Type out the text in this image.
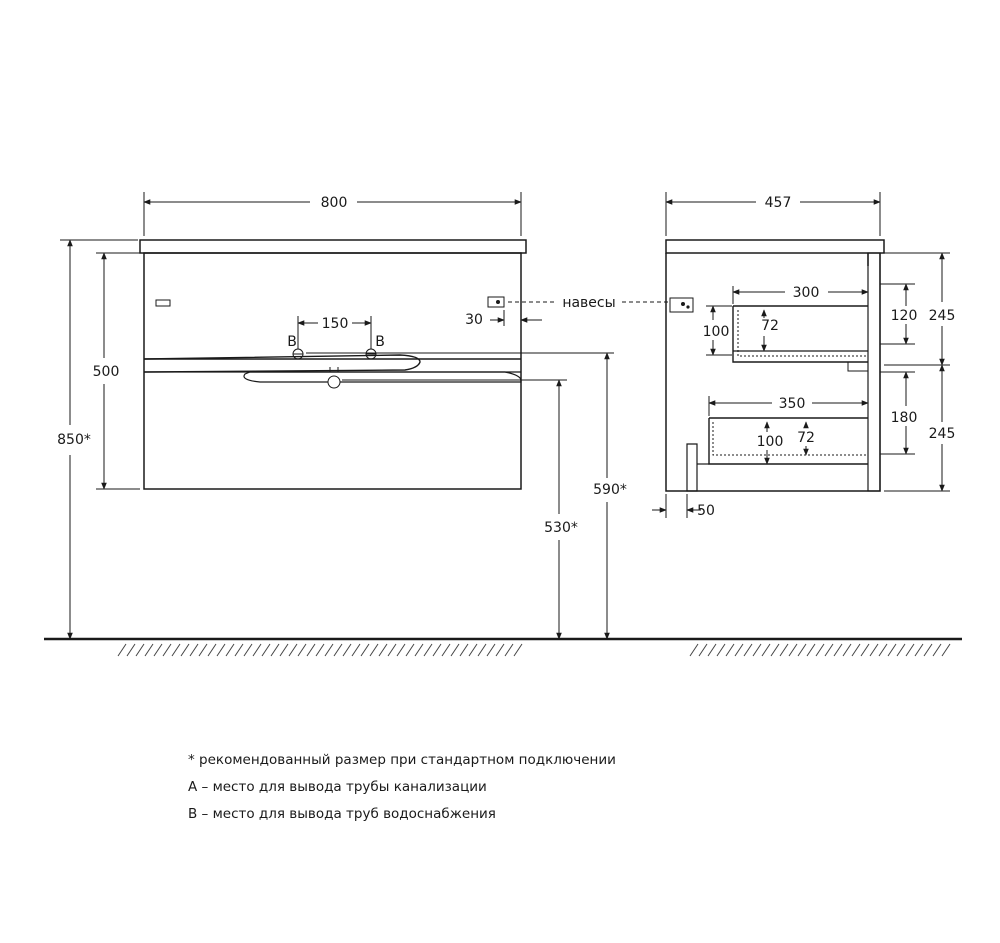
800
850*
500
150
B	B
30
навесы
590*
530*
457
300
100 72
120 245
350
180
245
100 72
50
* рекомендованный размер при стандартном подключении
А – место для вывода трубы канализации
В – место для вывода труб водоснабжения
